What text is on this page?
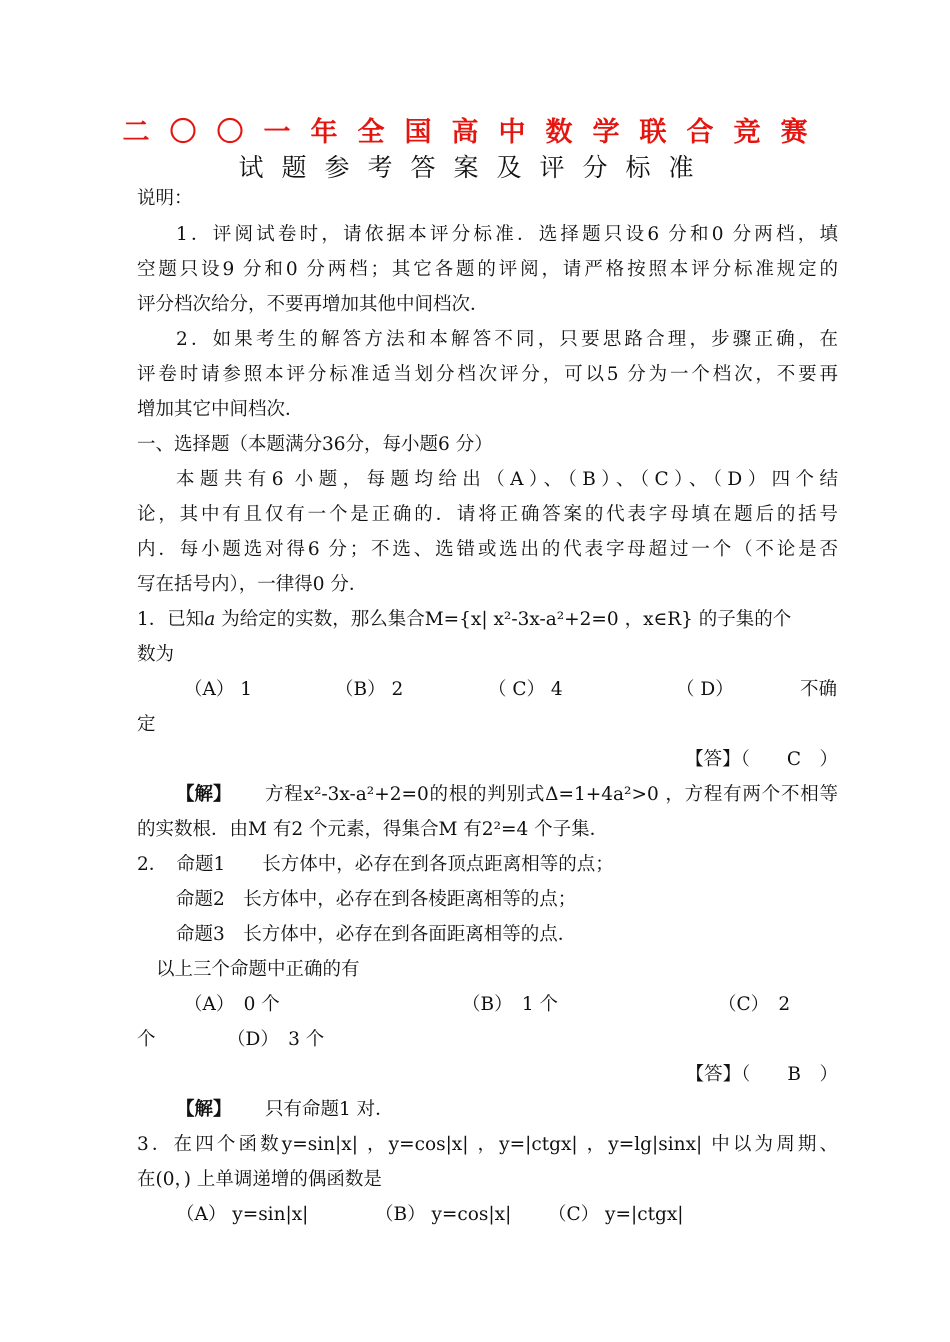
二〇〇一年全国高中数学联合竞赛
试题参考答案及评分标准
说明：
1．评阅试卷时，请依据本评分标准．选择题只设6 分和0 分两档，填
空题只设9 分和0 分两档；其它各题的评阅，请严格按照本评分标准规定的
评分档次给分，不要再增加其他中间档次．
2．如果考生的解答方法和本解答不同，只要思路合理，步骤正确，在
评卷时请参照本评分标准适当划分档次评分，可以5 分为一个档次，不要再
增加其它中间档次．
一、选择题（本题满分36分，每小题6 分）
本题共有6 小题，每题均给出（A）、（B）、（C）、（D）四个结
论，其中有且仅有一个是正确的．请将正确答案的代表字母填在题后的括号
内．每小题选对得6 分；不选、选错或选出的代表字母超过一个（不论是否
写在括号内），一律得0 分．
1．已知a 为给定的实数，那么集合M={x| x²-3x-a²+2=0 ，x∈R} 的子集的个
数为
（A） 1	（B） 2	（ C） 4	（ D）	不确
定
【答】（　　C　）
【解】 方程x²-3x-a²+2=0的根的判别式Δ=1+4a²>0 ，方程有两个不相等
的实数根．由M 有2 个元素，得集合M 有2²=4 个子集．
2．　命题1　　长方体中，必存在到各顶点距离相等的点；
命题2　长方体中，必存在到各棱距离相等的点；
命题3　长方体中，必存在到各面距离相等的点．
以上三个命题中正确的有
（A）　0 个	（B）　1 个	（C）　2
个	（D）　3 个
【答】（　　B　）
【解】 只有命题1 对．
3．在四个函数y=sin|x| ，y=cos|x| ，y=|ctgx| ，y=lg|sinx| 中以为周期、
在(0，) 上单调递增的偶函数是
（A） y=sin|x|	（B） y=cos|x| （C） y=|ctgx|
